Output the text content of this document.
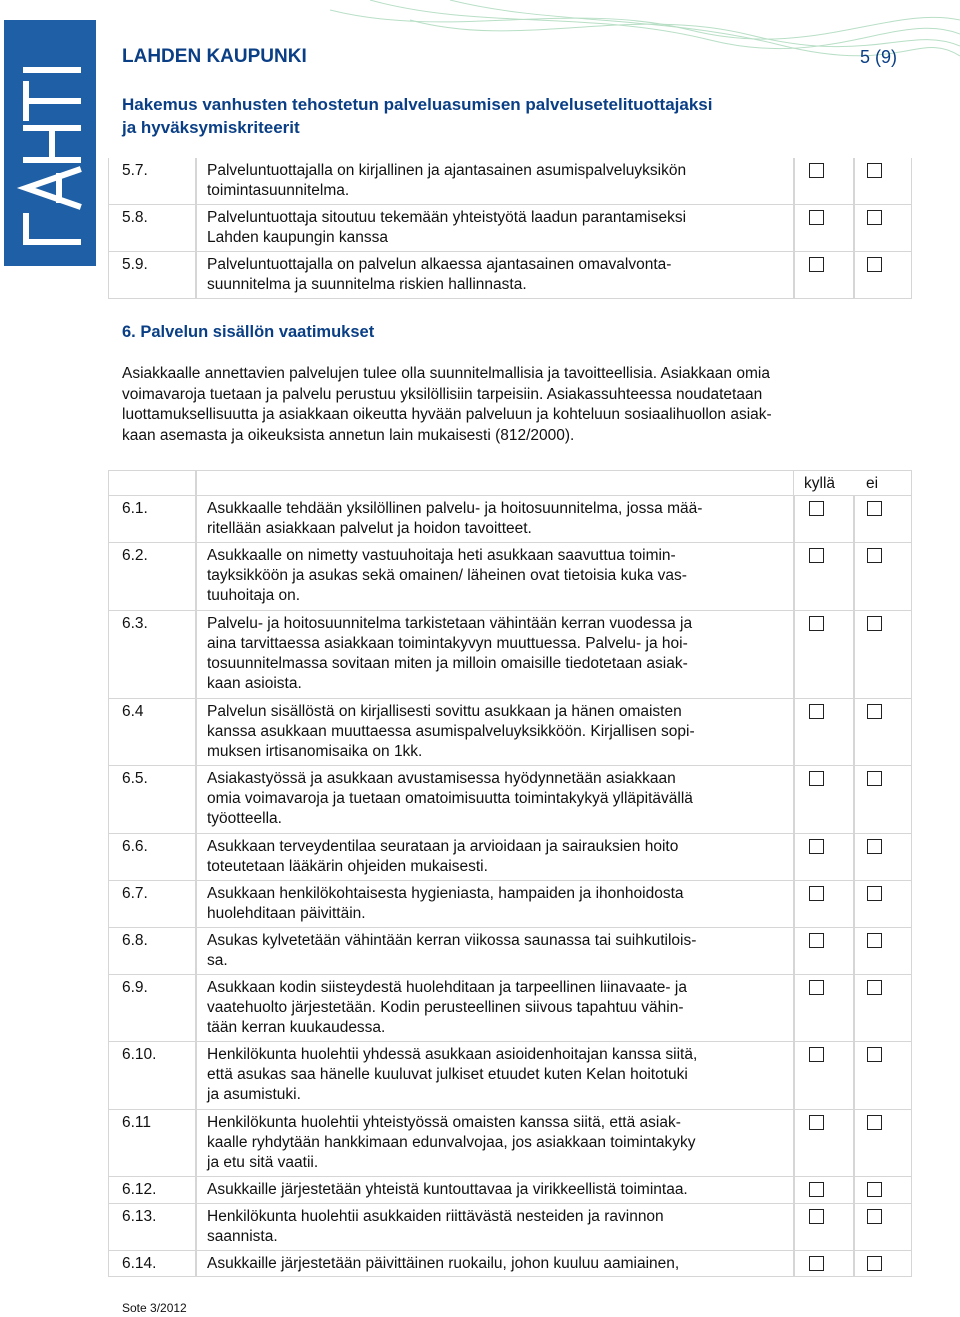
LAHDEN KAUPUNKI	5 (9)
Hakemus vanhusten tehostetun palveluasumisen palvelusetelituottajaksi
ja hyväksymiskriteerit
5.7.	Palveluntuottajalla on kirjallinen ja ajantasainen asumispalveluyksikön
toimintasuunnitelma.
5.8.	Palveluntuottaja sitoutuu tekemään yhteistyötä laadun parantamiseksi
Lahden kaupungin kanssa
5.9.	Palveluntuottajalla on palvelun alkaessa ajantasainen omavalvonta-
suunnitelma ja suunnitelma riskien hallinnasta.
6. Palvelun sisällön vaatimukset
Asiakkaalle annettavien palvelujen tulee olla suunnitelmallisia ja tavoitteellisia. Asiakkaan omia
voimavaroja tuetaan ja palvelu perustuu yksilöllisiin tarpeisiin. Asiakassuhteessa noudatetaan
luottamuksellisuutta ja asiakkaan oikeutta hyvään palveluun ja kohteluun sosiaalihuollon asiak-
kaan asemasta ja oikeuksista annetun lain mukaisesti (812/2000).
kyllä ei
6.1.	Asukkaalle tehdään yksilöllinen palvelu- ja hoitosuunnitelma, jossa mää-
ritellään asiakkaan palvelut ja hoidon tavoitteet.
6.2.	Asukkaalle on nimetty vastuuhoitaja heti asukkaan saavuttua toimin-
tayksikköön ja asukas sekä omainen/ läheinen ovat tietoisia kuka vas-
tuuhoitaja on.
6.3.	Palvelu- ja hoitosuunnitelma tarkistetaan vähintään kerran vuodessa ja
aina tarvittaessa asiakkaan toimintakyvyn muuttuessa. Palvelu- ja hoi-
tosuunnitelmassa sovitaan miten ja milloin omaisille tiedotetaan asiak-
kaan asioista.
6.4	Palvelun sisällöstä on kirjallisesti sovittu asukkaan ja hänen omaisten
kanssa asukkaan muuttaessa asumispalveluyksikköön. Kirjallisen sopi-
muksen irtisanomisaika on 1kk.
6.5.	Asiakastyössä ja asukkaan avustamisessa hyödynnetään asiakkaan
omia voimavaroja ja tuetaan omatoimisuutta toimintakykyä ylläpitävällä
työotteella.
6.6.	Asukkaan terveydentilaa seurataan ja arvioidaan ja sairauksien hoito
toteutetaan lääkärin ohjeiden mukaisesti.
6.7.	Asukkaan henkilökohtaisesta hygieniasta, hampaiden ja ihonhoidosta
huolehditaan päivittäin.
6.8.	Asukas kylvetetään vähintään kerran viikossa saunassa tai suihkutilois-
sa.
6.9.	Asukkaan kodin siisteydestä huolehditaan ja tarpeellinen liinavaate- ja
vaatehuolto järjestetään. Kodin perusteellinen siivous tapahtuu vähin-
tään kerran kuukaudessa.
6.10.	Henkilökunta huolehtii yhdessä asukkaan asioidenhoitajan kanssa siitä,
että asukas saa hänelle kuuluvat julkiset etuudet kuten Kelan hoitotuki
ja asumistuki.
6.11	Henkilökunta huolehtii yhteistyössä omaisten kanssa siitä, että asiak-
kaalle ryhdytään hankkimaan edunvalvojaa, jos asiakkaan toimintakyky
ja etu sitä vaatii.
6.12.	Asukkaille järjestetään yhteistä kuntouttavaa ja virikkeellistä toimintaa.
6.13.	Henkilökunta huolehtii asukkaiden riittävästä nesteiden ja ravinnon
saannista.
6.14.	Asukkaille järjestetään päivittäinen ruokailu, johon kuuluu aamiainen,
Sote 3/2012
